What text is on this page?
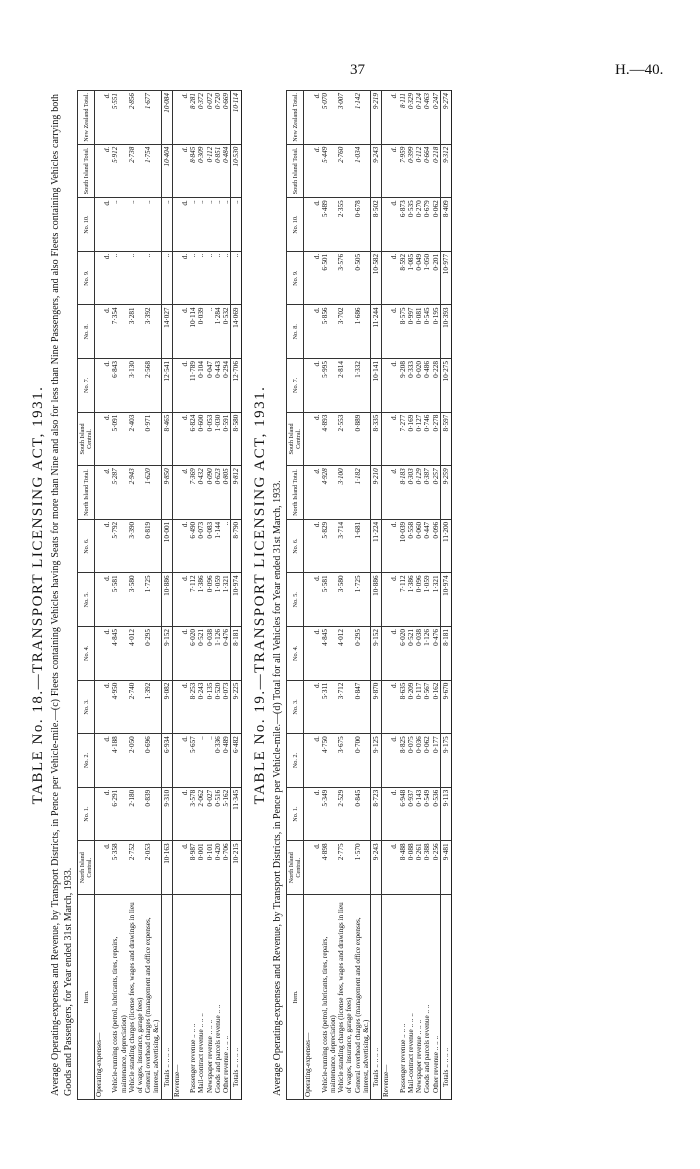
37	H.—40.
TABLE No. 18.—TRANSPORT LICENSING ACT, 1931. Average Operating-expenses and Revenue, by Transport Districts, in Pence per Vehicle-mile.—(c) Fleets containing Vehicles having Seats for more than Nine and also for less than Nine Passengers, and also Fleets containing Vehicles carrying both Goods and Passengers, for Year ended 31st March, 1933. Item.	North Island Central.	No. 1.	No. 2.	No. 3.	No. 4.	No. 5.	No. 6.	North Island Total.	South Island Central.	No. 7.	No. 8.	No. 9.	No. 10.	South Island Total.	New Zealand Total.
Operating-expenses—															
	d.	d.	d.	d.	d.	d.	d.	d.	d.	d.	d.	d.	d.	d.	d.
Vehicle-running costs (petrol, lubricants, tires, repairs, maintenance, depreciation)	5·358	6·291	4·188	4·950	4·845	5·581	5·792	5·287	5·091	6·843	7·354	..	..	5·912	5·551
Vehicle standing charges (license fees, wages and drawings in lieu of wages, insurance, garage fees)	2·752	2·180	2·050	2·740	4·012	3·580	3·390	2·943	2·403	3·130	3·281	..	..	2·738	2·856
General overhead charges (management and office expenses, interest, advertising, &c.)	2·053	0·839	0·696	1·392	0·295	1·725	0·819	1·620	0·971	2·568	3·392	..	..	1·754	1·677
Totals .. .. .. ..	10·163	9·310	6·934	9·082	9·152	10·886	10·001	9·850	8·465	12·541	14·027	..	..	10·404	10·084
Revenue—															
	d.	d.	d.	d.	d.	d.	d.	d.	d.	d.	d.	d.	d.	d.	d.
Passenger revenue .. .. ..	8·987	3·578	5·657	8·253	6·020	7·112	6·490	7·369	6·824	11·789	10·114	..	..	8·845	8·281
Mail-contract revenue .. .. ..	0·001	2·062	..	0·243	0·521	1·386	0·073	0·432	0·600	0·104	0·039	..	..	0·309	0·372
Newspaper revenue .. .. ..	0·101	0·027	..	0·135	0·038	0·096	0·083	0·090	0·053	0·047	..	..	..	0·112	0·072
Goods and parcels revenue .. ..	0·420	0·516	0·336	0·520	1·126	1·059	1·144	0·623	1·030	0·443	1·284	..	..	0·851	0·720
Other revenue .. .. ..	0·706	5·162	0·489	0·073	0·476	1·321	..	0·805	0·591	0·294	0·532	..	..	0·484	0·669
Totals .. .. .. ..	10·215	11·345	6·482	9·225	8·181	10·974	8·790	9·812	8·580	12·706	14·069	..	..	10·530	10·114
TABLE No. 19.—TRANSPORT LICENSING ACT, 1931. Average Operating-expenses and Revenue, by Transport Districts, in Pence per Vehicle-mile.—(d) Total for all Vehicles for Year ended 31st March, 1933. Item.	North Island Central.	No. 1.	No. 2.	No. 3.	No. 4.	No. 5.	No. 6.	North Island Total.	South Island Central.	No. 7.	No. 8.	No. 9.	No. 10.	South Island Total.	New Zealand Total.
Operating-expenses—															
	d.	d.	d.	d.	d.	d.	d.	d.	d.	d.	d.	d.	d.	d.	d.
Vehicle-running costs (petrol, lubricants, tires, repairs, maintenance, depreciation)	4·898	5·349	4·750	5·311	4·845	5·581	5·829	4·928	4·893	5·995	5·856	6·501	5·489	5·449	5·070
Vehicle standing charges (license fees, wages and drawings in lieu of wages, insurance, garage fees)	2·775	2·529	3·675	3·712	4·012	3·580	3·714	3·100	2·553	2·814	3·702	3·576	2·355	2·760	3·007
General overhead charges (management and office expenses, interest, advertising, &c.)	1·570	0·845	0·700	0·847	0·295	1·725	1·681	1·182	0·889	1·332	1·686	0·505	0·678	1·034	1·142
Totals .. .. .. ..	9·243	8·723	9·125	9·870	9·152	10·886	11·224	9·210	8·335	10·141	11·244	10·582	8·502	9·243	9·219
Revenue—															
	d.	d.	d.	d.	d.	d.	d.	d.	d.	d.	d.	d.	d.	d.	d.
Passenger revenue .. .. ..	8·488	6·948	8·825	8·635	6·020	7·112	10·039	8·183	7·277	9·208	8·575	8·592	6·873	7·959	8·111
Mail-contract revenue .. .. ..	0·088	0·937	0·075	0·209	0·521	1·386	0·558	0·303	0·169	0·333	0·997	1·085	0·535	0·399	0·329
Newspaper revenue .. .. ..	0·261	0·143	0·036	0·117	0·038	0·096	0·060	0·129	0·127	0·020	0·081	0·049	0·270	0·112	0·124
Goods and parcels revenue .. ..	0·388	0·549	0·062	0·567	1·126	1·059	0·447	0·387	0·746	0·486	0·545	1·050	0·679	0·664	0·463
Other revenue .. .. ..	0·256	0·536	0·177	0·162	0·476	1·321	0·096	0·257	0·278	0·228	0·195	0·201	0·062	0·218	0·247
Totals .. .. .. ..	9·481	9·113	9·175	9·670	8·181	10·974	11·200	9·259	8·597	10·275	10·393	10·977	8·409	9·312	9·274
